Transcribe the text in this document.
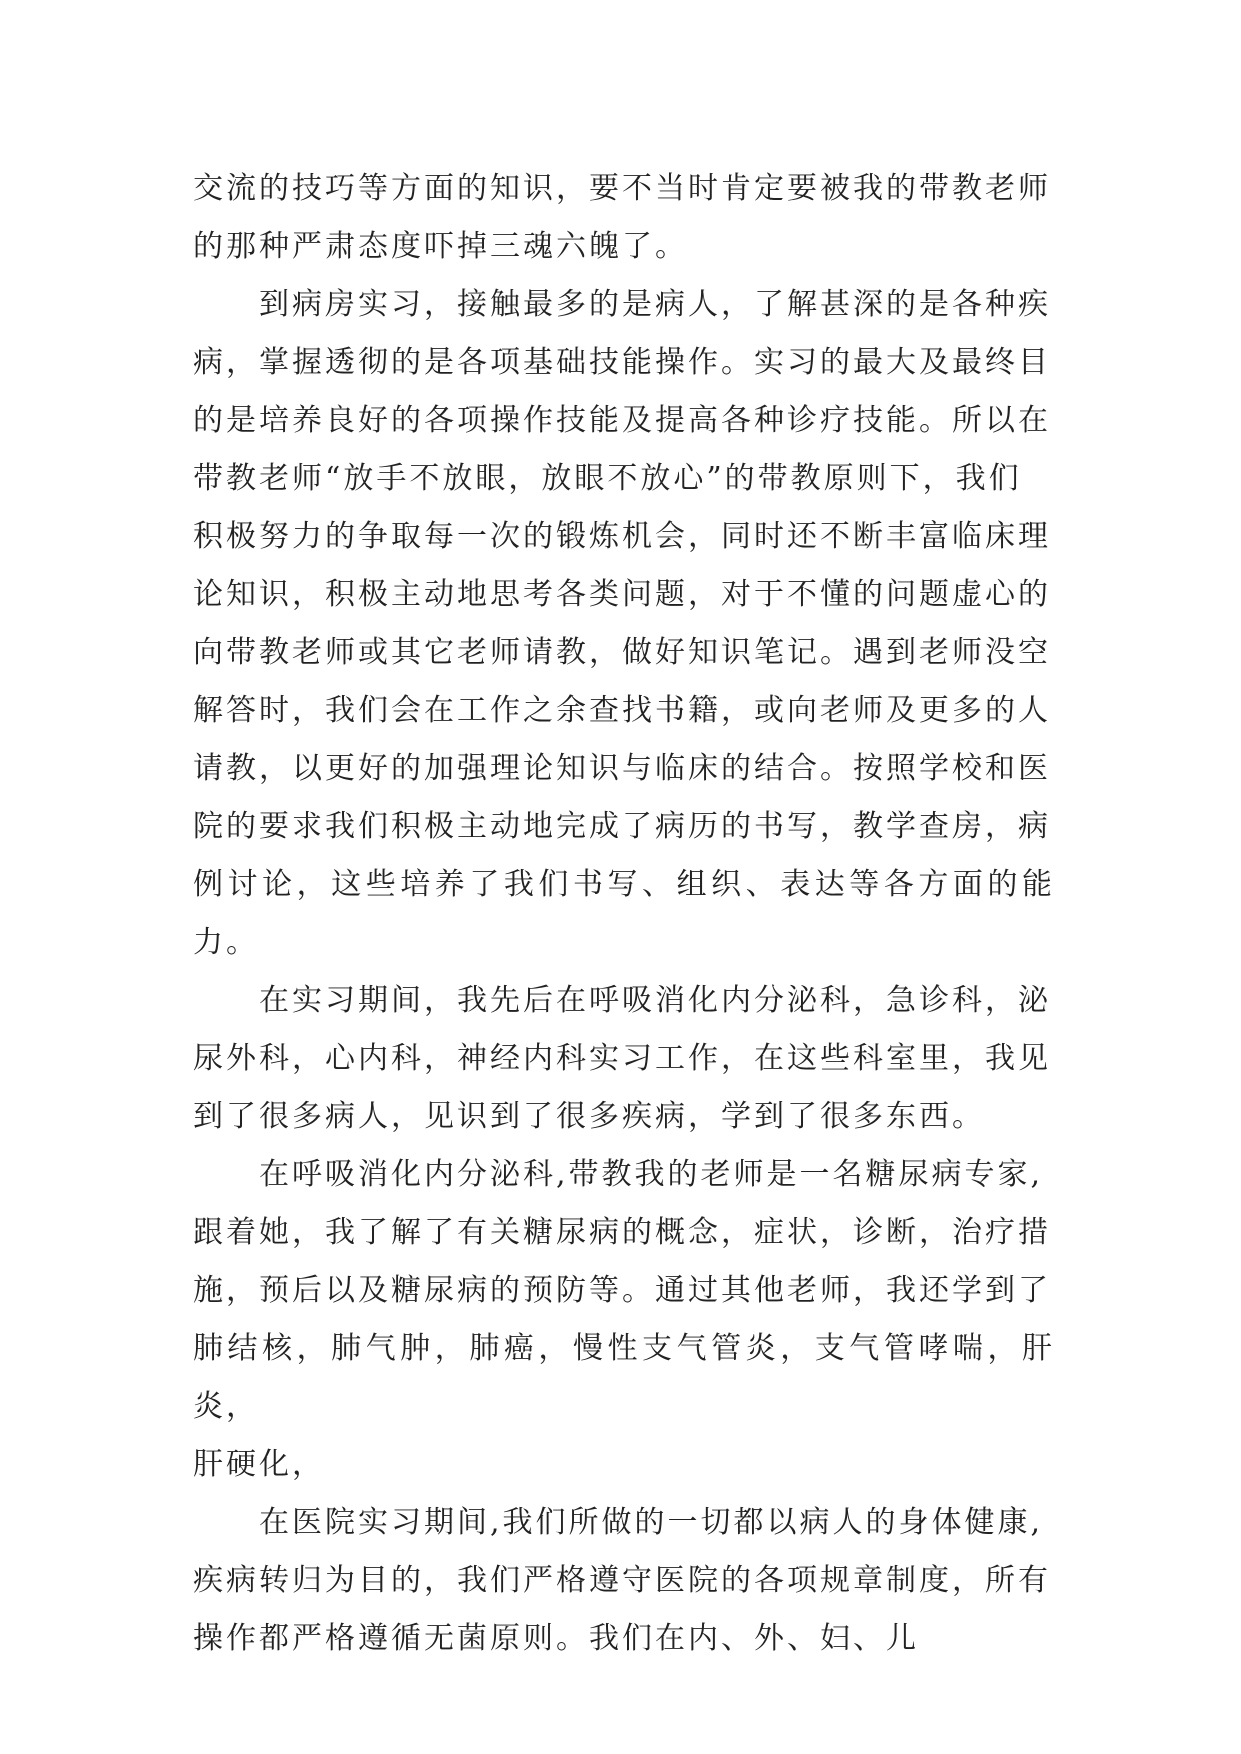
交流的技巧等方面的知识，要不当时肯定要被我的带教老师
的那种严肃态度吓掉三魂六魄了。
到病房实习，接触最多的是病人，了解甚深的是各种疾
病，掌握透彻的是各项基础技能操作。实习的最大及最终目
的是培养良好的各项操作技能及提高各种诊疗技能。所以在
带教老师“放手不放眼，放眼不放心”的带教原则下，我们
积极努力的争取每一次的锻炼机会，同时还不断丰富临床理
论知识，积极主动地思考各类问题，对于不懂的问题虚心的
向带教老师或其它老师请教，做好知识笔记。遇到老师没空
解答时，我们会在工作之余查找书籍，或向老师及更多的人
请教，以更好的加强理论知识与临床的结合。按照学校和医
院的要求我们积极主动地完成了病历的书写，教学查房，病
例讨论，这些培养了我们书写、组织、表达等各方面的能力。
在实习期间，我先后在呼吸消化内分泌科，急诊科，泌
尿外科，心内科，神经内科实习工作，在这些科室里，我见
到了很多病人，见识到了很多疾病，学到了很多东西。
在呼吸消化内分泌科,带教我的老师是一名糖尿病专家,
跟着她，我了解了有关糖尿病的概念，症状，诊断，治疗措
施，预后以及糖尿病的预防等。通过其他老师，我还学到了
肺结核，肺气肿，肺癌，慢性支气管炎，支气管哮喘，肝炎，
肝硬化，
在医院实习期间,我们所做的一切都以病人的身体健康,
疾病转归为目的，我们严格遵守医院的各项规章制度，所有
操作都严格遵循无菌原则。我们在内、外、妇、儿
